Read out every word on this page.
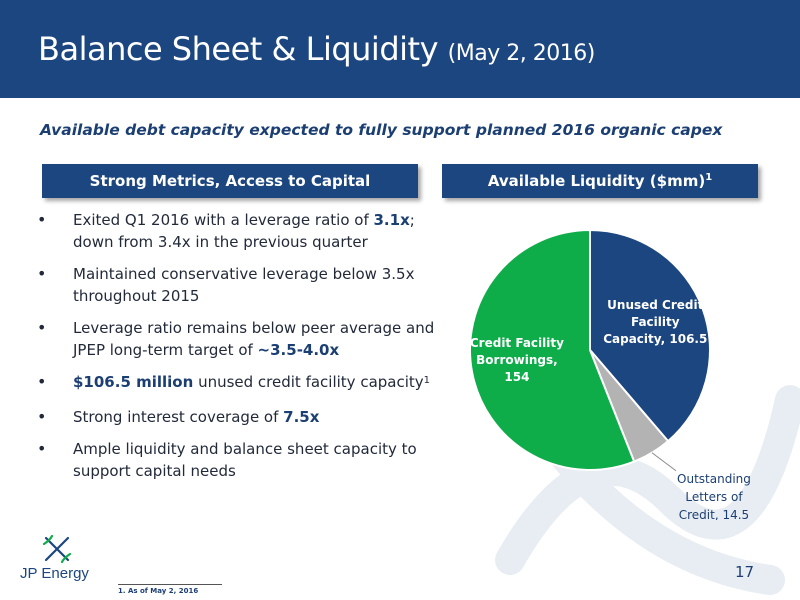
Balance Sheet & Liquidity (May 2, 2016)
Available debt capacity expected to fully support planned 2016 organic capex
Strong Metrics, Access to Capital	Available Liquidity ($mm)$^1$
• Exited Q1 2016 with a leverage ratio of 3.1x; down from 3.4x in the previous quarter
• Maintained conservative leverage below 3.5x throughout 2015
• Leverage ratio remains below peer average and JPEP long-term target of ~3.5-4.0x
• $106.5 million unused credit facility capacity$^1$
• Strong interest coverage of 7.5x
• Ample liquidity and balance sheet capacity to support capital needs
Unused Credit Facility Capacity, 106.5
Outstanding Letters of Credit, 14.5
Credit Facility Borrowings, 154
JP Energy	17
1. As of May 2, 2016
